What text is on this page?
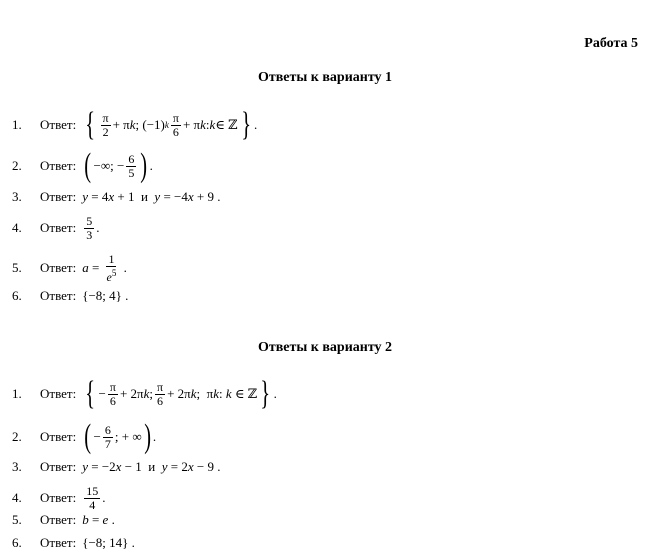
Работа 5
Ответы к варианту 1
1.	Ответ: { $\frac{\pi}{2} + \pi$ k ; (−1) k $\frac{\pi}{6} + \pi$ k : k ∈ ℤ } .
2.	Ответ: ( −∞; − $\frac{6}{5}$ ) .
3.	Ответ: y = 4 x + 1  и y = −4 x + 9 .
4.	Ответ: $\frac{5}{3}$ .
5.	Ответ: $a = \frac{1}{e^5}$ .
6.	Ответ: {−8; 4} .
Ответы к варианту 2
1.	Ответ: { − $\frac{\pi}{6} + 2\pi$ k ; $\frac{\pi}{6} + 2\pi$ k ;  π k : k ∈ ℤ } .
2.	Ответ: ( − $\frac{6}{7}$ ; + ∞ ) .
3.	Ответ: y = −2 x − 1  и y = 2 x − 9 .
4.	Ответ: $\frac{15}{4}$ .
5.	Ответ: b = e .
6.	Ответ: {−8; 14} .
